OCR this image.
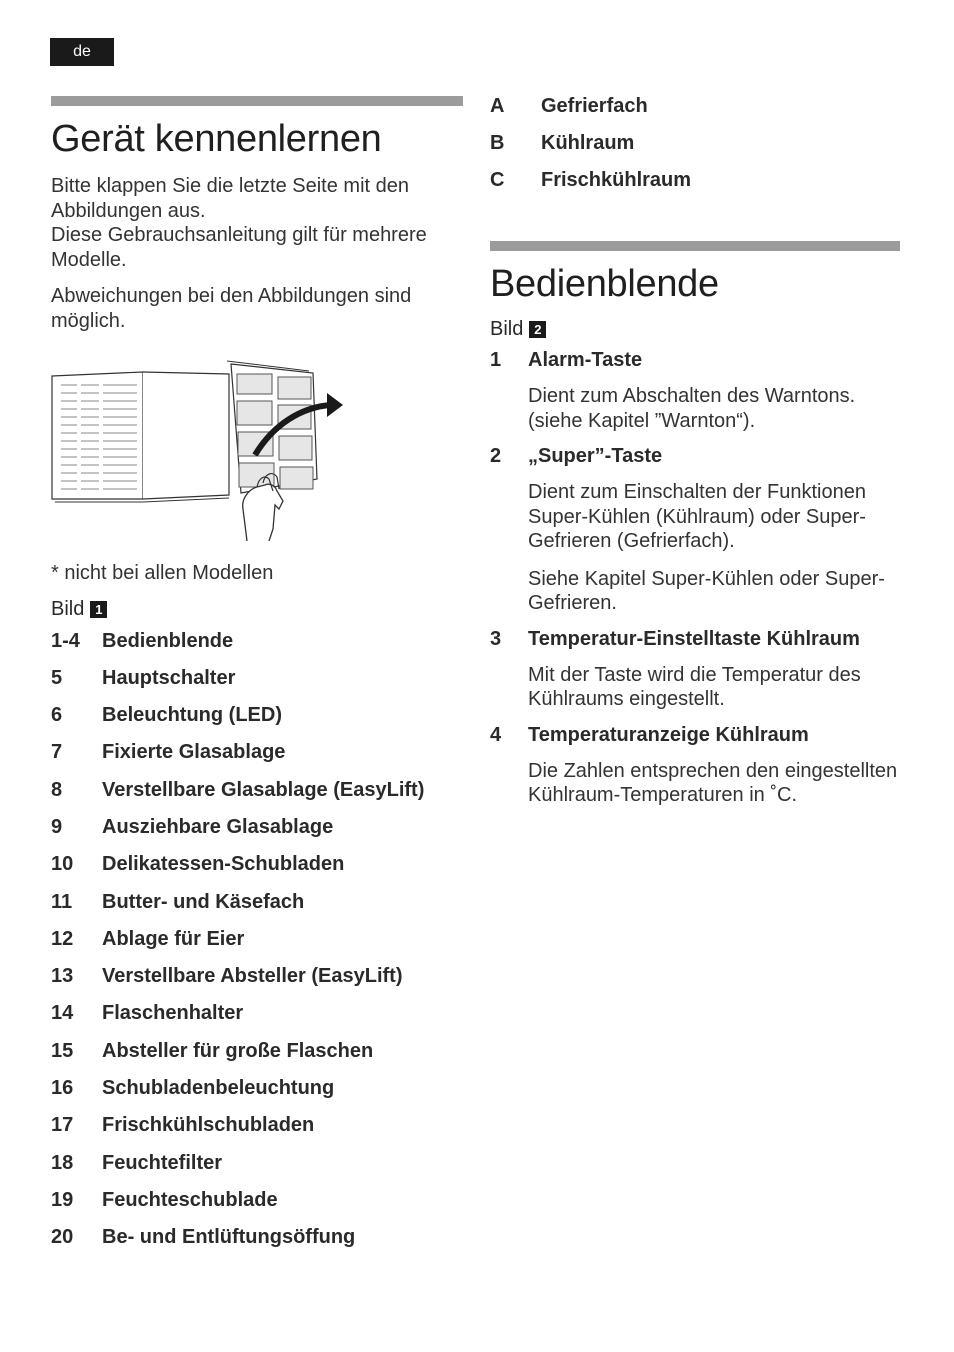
de
Gerät kennenlernen

Bitte klappen Sie die letzte Seite mit den Abbildungen aus.

Diese Gebrauchsanleitung gilt für mehrere Modelle.

Abweichungen bei den Abbildungen sind möglich.

* nicht bei allen Modellen

Bild 1
1-4	Bedienblende
5	Hauptschalter
6	Beleuchtung (LED)
7	Fixierte Glasablage
8	Verstellbare Glasablage (EasyLift)
9	Ausziehbare Glasablage
10	Delikatessen-Schubladen
11	Butter- und Käsefach
12	Ablage für Eier
13	Verstellbare Absteller (EasyLift)
14	Flaschenhalter
15	Absteller für große Flaschen
16	Schubladenbeleuchtung
17	Frischkühlschubladen
18	Feuchtefilter
19	Feuchteschublade
20	Be- und Entlüftungsöffung
A	Gefrierfach
B	Kühlraum
C	Frischkühlraum
Bedienblende
Bild 2
1	Alarm-Taste

Dient zum Abschalten des Warntons. (siehe Kapitel ”Warnton“).

2	„Super”-Taste

Dient zum Einschalten der Funktionen Super-Kühlen (Kühlraum) oder Super-Gefrieren (Gefrierfach).

Siehe Kapitel Super-Kühlen oder Super-Gefrieren.

3	Temperatur-Einstelltaste Kühlraum

Mit der Taste wird die Temperatur des Kühlraums eingestellt.

4	Temperaturanzeige Kühlraum

Die Zahlen entsprechen den eingestellten Kühlraum-Temperaturen in ˚C.
